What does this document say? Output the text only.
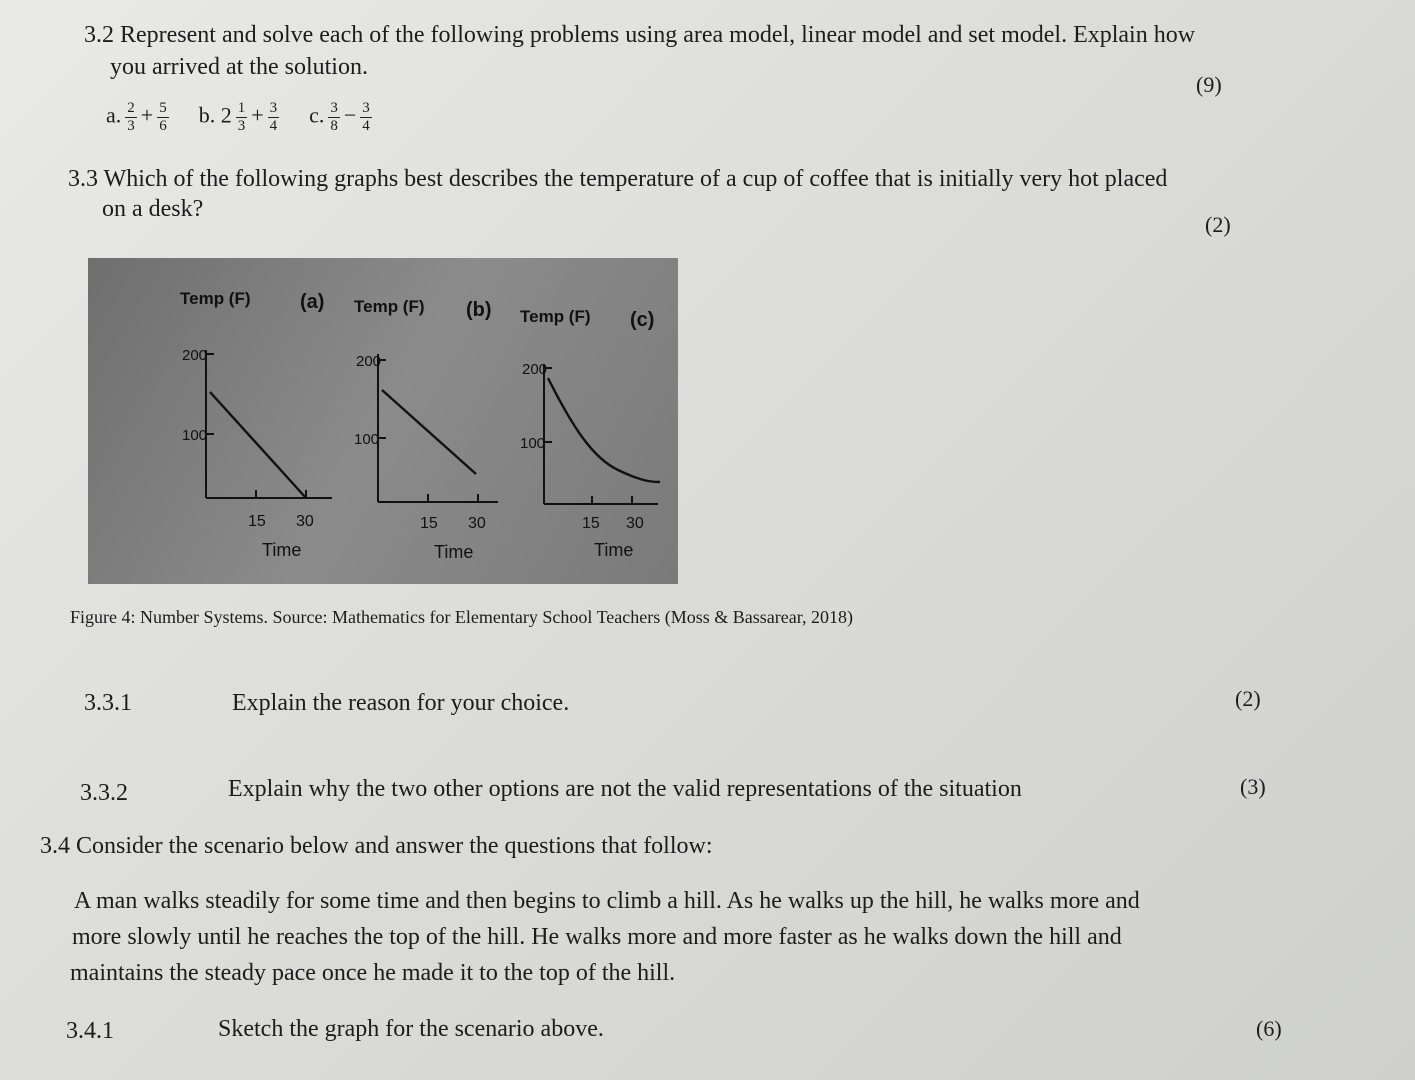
3.2 Represent and solve each of the following problems using area model, linear model and set model. Explain how
you arrived at the solution.
(9)
a. $\frac{2}{3} + \frac{5}{6} b$. $2 \frac{1}{3} + \frac{3}{4} c$. $\frac{3}{8} - \frac{3}{4}$
3.3 Which of the following graphs best describes the temperature of a cup of coffee that is initially very hot placed
on a desk?
(2)
Temp (F) (a)
200
100
15 30
Time
Temp (F) (b)
200
100
15 30
Time
Temp (F) (c)
200
100
15 30
Time
Figure 4: Number Systems. Source: Mathematics for Elementary School Teachers (Moss & Bassarear, 2018)
3.3.1	Explain the reason for your choice.	(2)
3.3.2	Explain why the two other options are not the valid representations of the situation	(3)
3.4 Consider the scenario below and answer the questions that follow:
A man walks steadily for some time and then begins to climb a hill. As he walks up the hill, he walks more and
more slowly until he reaches the top of the hill. He walks more and more faster as he walks down the hill and
maintains the steady pace once he made it to the top of the hill.
3.4.1	Sketch the graph for the scenario above.	(6)
